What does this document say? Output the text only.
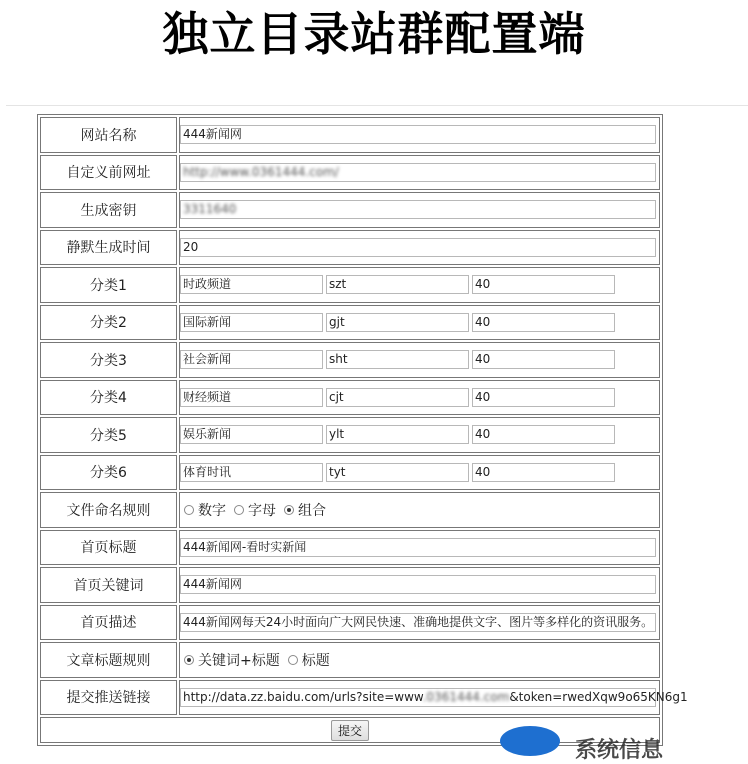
独立目录站群配置端
网站名称	444新闻网

自定义前网址	http://www.0361444.com/

生成密钥	3311640

静默生成时间	20

分类1	时政频道 szt 40
分类2	国际新闻 gjt 40
分类3	社会新闻 sht 40
分类4	财经频道 cjt 40
分类5	娱乐新闻 ylt 40
分类6	体育时讯 tyt 40
文件命名规则	数字 字母 组合

首页标题	444新闻网-看时实新闻

首页关键词	444新闻网

首页描述	444新闻网每天24小时面向广大网民快速、准确地提供文字、图片等多样化的资讯服务。

文章标题规则	关键词+标题 标题

提交推送链接	http://data.zz.baidu.com/urls?site=www.0361444.com&token=rwedXqw9o65KN6g1

提交	
系统信息
